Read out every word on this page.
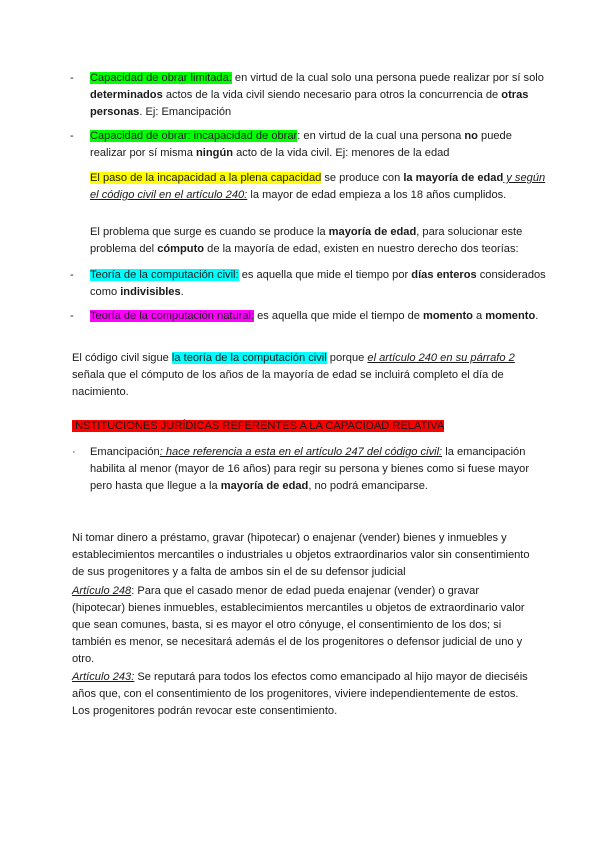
- Capacidad de obrar limitada: en virtud de la cual solo una persona puede realizar por sí solo determinados actos de la vida civil siendo necesario para otros la concurrencia de otras personas. Ej: Emancipación

- Capacidad de obrar: incapacidad de obrar: en virtud de la cual una persona no puede realizar por sí misma ningún acto de la vida civil. Ej: menores de la edad

El paso de la incapacidad a la plena capacidad se produce con la mayoría de edad y según el código civil en el artículo 240: la mayor de edad empieza a los 18 años cumplidos.

El problema que surge es cuando se produce la mayoría de edad, para solucionar este problema del cómputo de la mayoría de edad, existen en nuestro derecho dos teorías:

- Teoría de la computación civil: es aquella que mide el tiempo por días enteros considerados como indivisibles.

- Teoría de la computación natural: es aquella que mide el tiempo de momento a momento.

El código civil sigue la teoría de la computación civil porque el artículo 240 en su párrafo 2 señala que el cómputo de los años de la mayoría de edad se incluirá completo el día de nacimiento.

INSTITUCIONES JURÍDICAS REFERENTES A LA CAPACIDAD RELATIVA

· Emancipación: hace referencia a esta en el artículo 247 del código civil: la emancipación habilita al menor (mayor de 16 años) para regir su persona y bienes como si fuese mayor pero hasta que llegue a la mayoría de edad, no podrá emanciparse.

Ni tomar dinero a préstamo, gravar (hipotecar) o enajenar (vender) bienes y inmuebles y establecimientos mercantiles o industriales u objetos extraordinarios valor sin consentimiento de sus progenitores y a falta de ambos sin el de su defensor judicial

Artículo 248: Para que el casado menor de edad pueda enajenar (vender) o gravar (hipotecar) bienes inmuebles, establecimientos mercantiles u objetos de extraordinario valor que sean comunes, basta, si es mayor el otro cónyuge, el consentimiento de los dos; si también es menor, se necesitará además el de los progenitores o defensor judicial de uno y otro.

Artículo 243: Se reputará para todos los efectos como emancipado al hijo mayor de dieciséis años que, con el consentimiento de los progenitores, viviere independientemente de estos. Los progenitores podrán revocar este consentimiento.
